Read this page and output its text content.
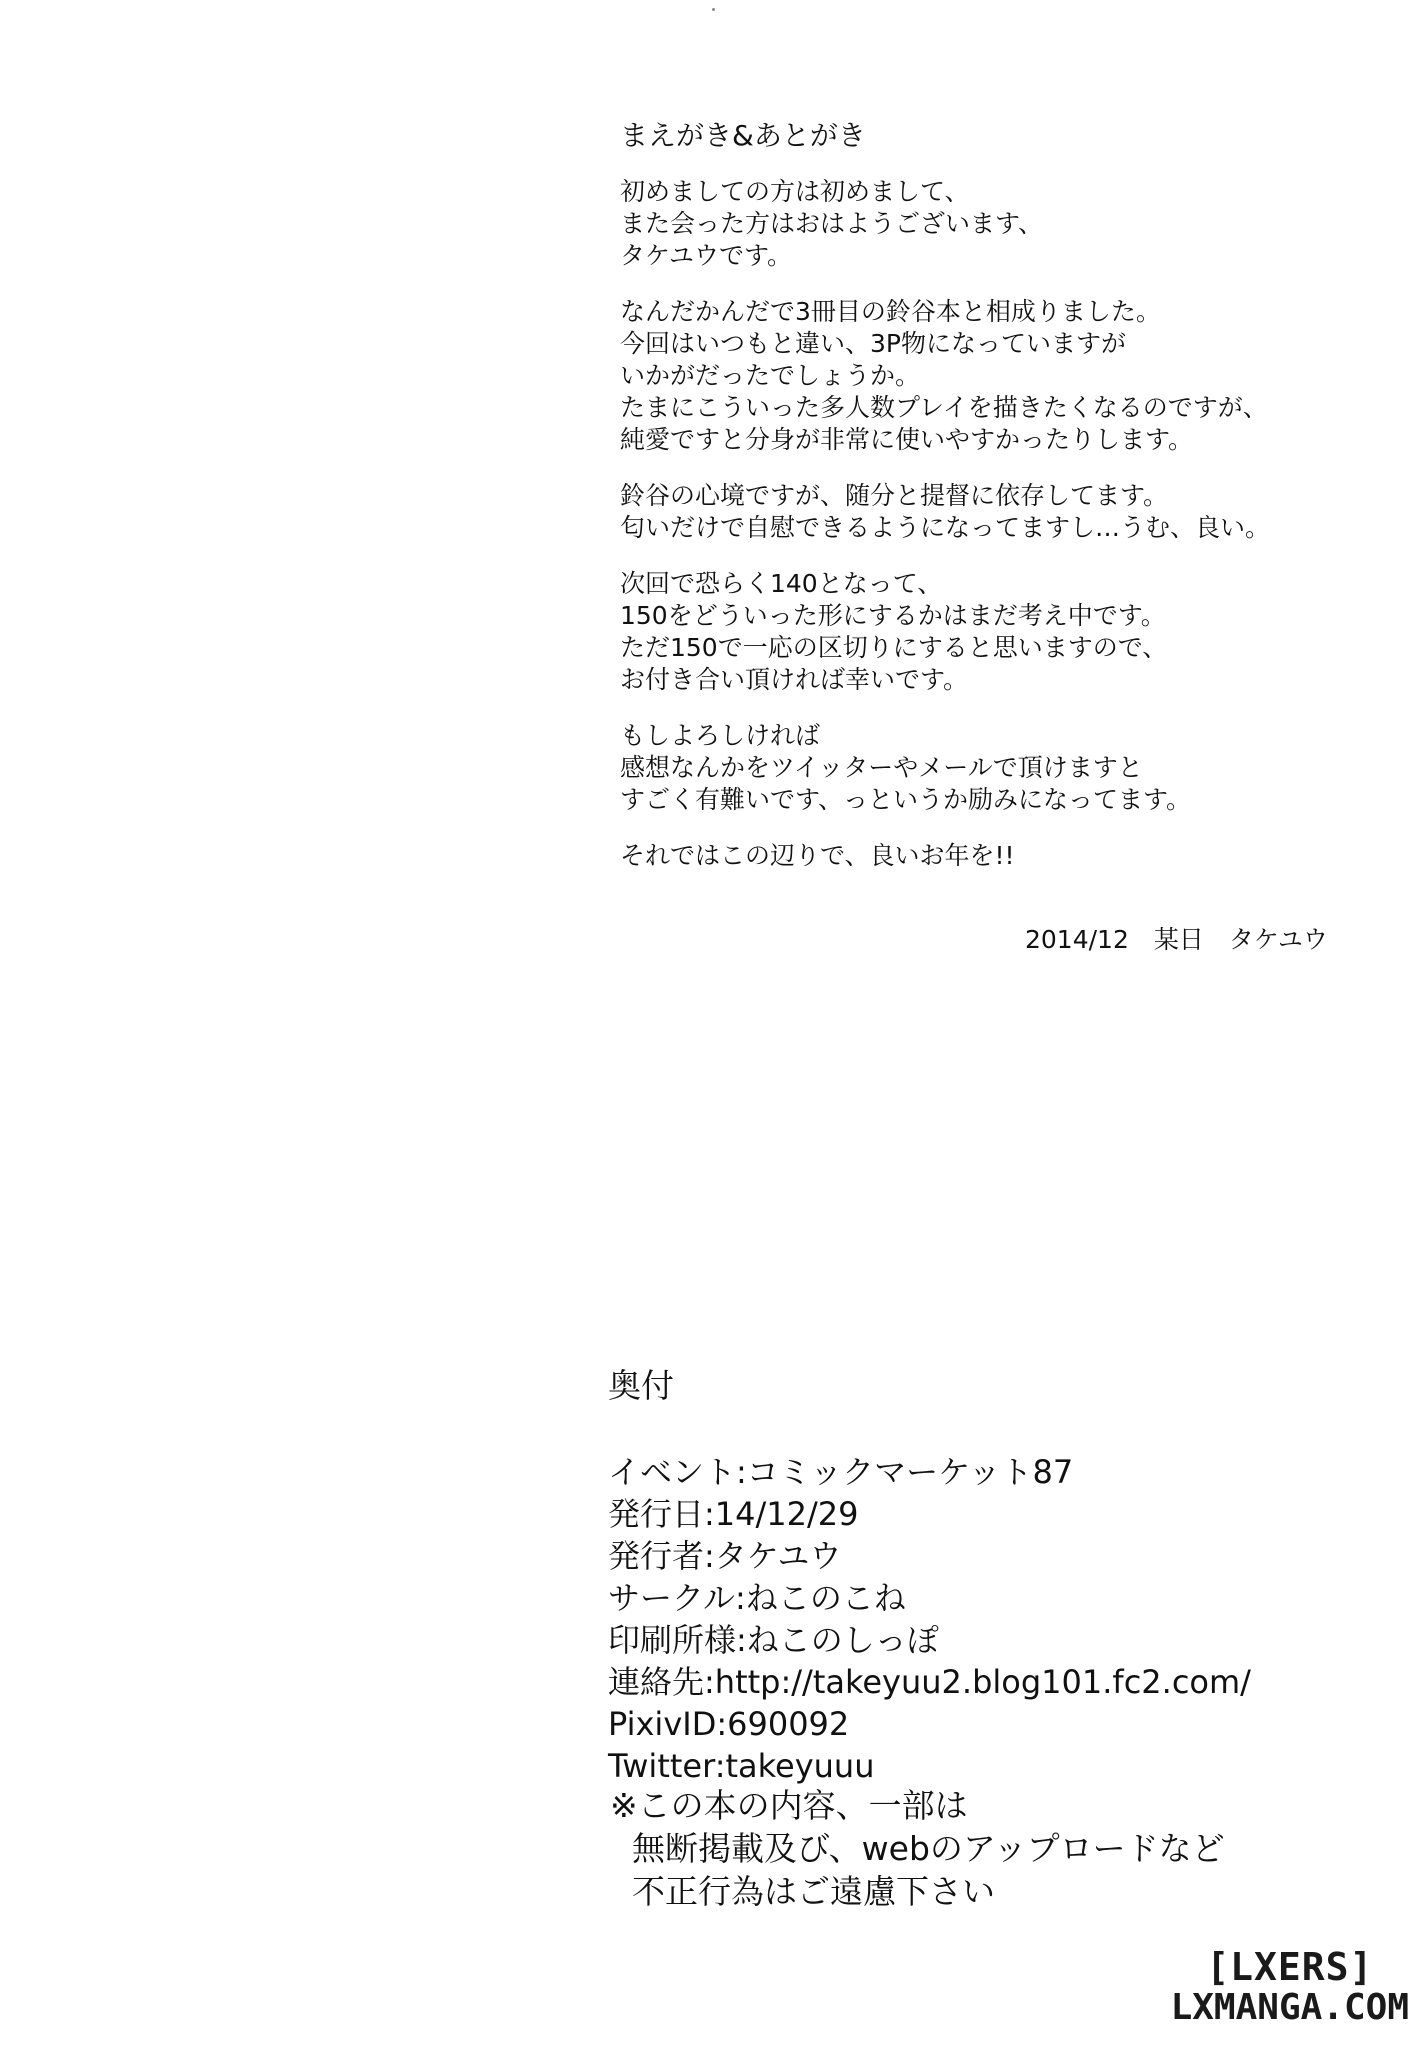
まえがき&あとがき
初めましての方は初めまして、
また会った方はおはようございます、
タケユウです。
なんだかんだで3冊目の鈴谷本と相成りました。
今回はいつもと違い、3P物になっていますが
いかがだったでしょうか。
たまにこういった多人数プレイを描きたくなるのですが、
純愛ですと分身が非常に使いやすかったりします。
鈴谷の心境ですが、随分と提督に依存してます。
匂いだけで自慰できるようになってますし…うむ、良い。
次回で恐らく140となって、
150をどういった形にするかはまだ考え中です。
ただ150で一応の区切りにすると思いますので、
お付き合い頂ければ幸いです。
もしよろしければ
感想なんかをツイッターやメールで頂けますと
すごく有難いです、っというか励みになってます。
それではこの辺りで、良いお年を!!
2014/12　某日　タケユウ
奥付
イベント:コミックマーケット87
発行日:14/12/29
発行者:タケユウ
サークル:ねこのこね
印刷所様:ねこのしっぽ
連絡先:http://takeyuu2.blog101.fc2.com/
PixivID:690092
Twitter:takeyuuu
※この本の内容、一部は
無断掲載及び、webのアップロードなど
不正行為はご遠慮下さい
[LXERS]
LXMANGA.COM
